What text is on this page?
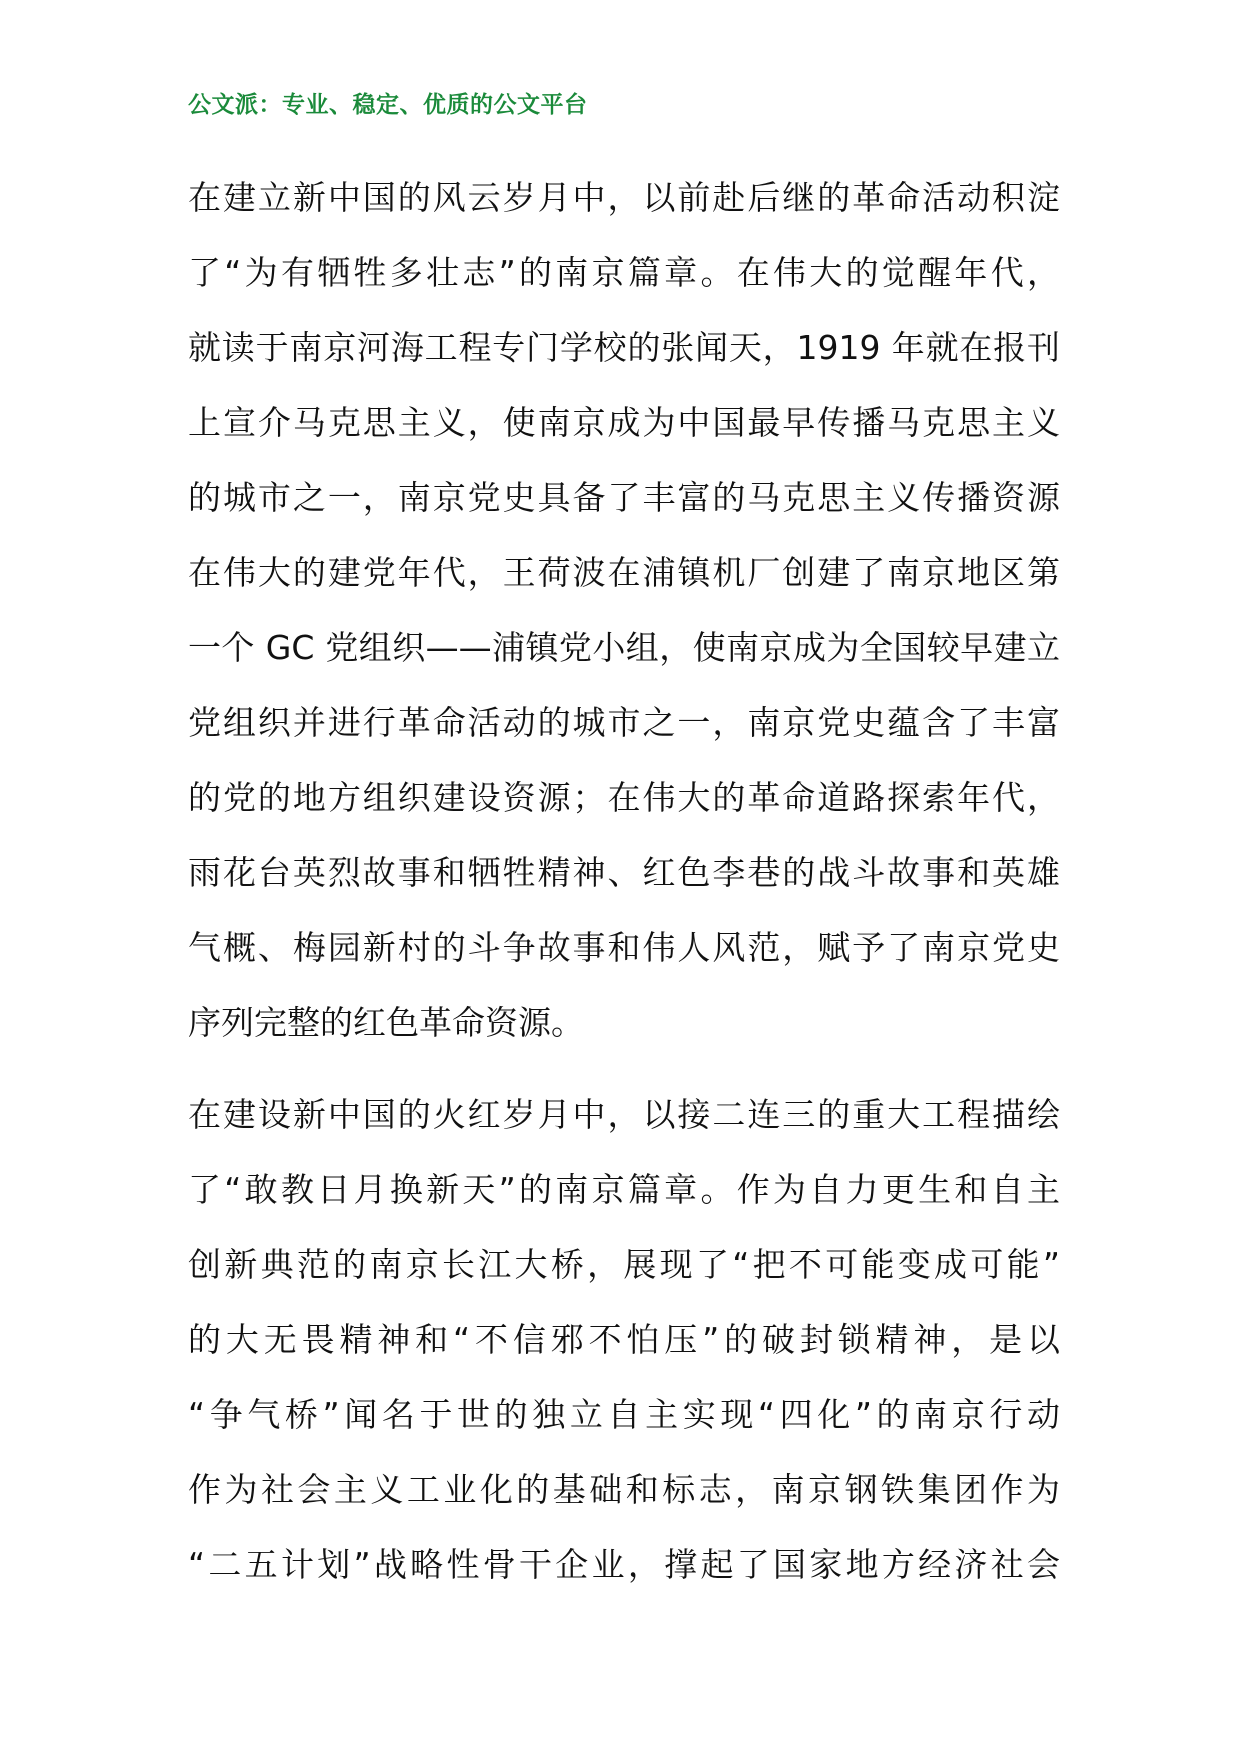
公文派：专业、稳定、优质的公文平台

在建立新中国的风云岁月中，以前赴后继的革命活动积淀
了“为有牺牲多壮志”的南京篇章。在伟大的觉醒年代，
就读于南京河海工程专门学校的张闻天，1919 年就在报刊
上宣介马克思主义，使南京成为中国最早传播马克思主义
的城市之一，南京党史具备了丰富的马克思主义传播资源
在伟大的建党年代，王荷波在浦镇机厂创建了南京地区第
一个 GC 党组织——浦镇党小组，使南京成为全国较早建立
党组织并进行革命活动的城市之一，南京党史蕴含了丰富
的党的地方组织建设资源；在伟大的革命道路探索年代，
雨花台英烈故事和牺牲精神、红色李巷的战斗故事和英雄
气概、梅园新村的斗争故事和伟人风范，赋予了南京党史
序列完整的红色革命资源。

在建设新中国的火红岁月中，以接二连三的重大工程描绘
了“敢教日月换新天”的南京篇章。作为自力更生和自主
创新典范的南京长江大桥，展现了“把不可能变成可能”
的大无畏精神和“不信邪不怕压”的破封锁精神，是以
“争气桥”闻名于世的独立自主实现“四化”的南京行动
作为社会主义工业化的基础和标志，南京钢铁集团作为
“二五计划”战略性骨干企业，撑起了国家地方经济社会
